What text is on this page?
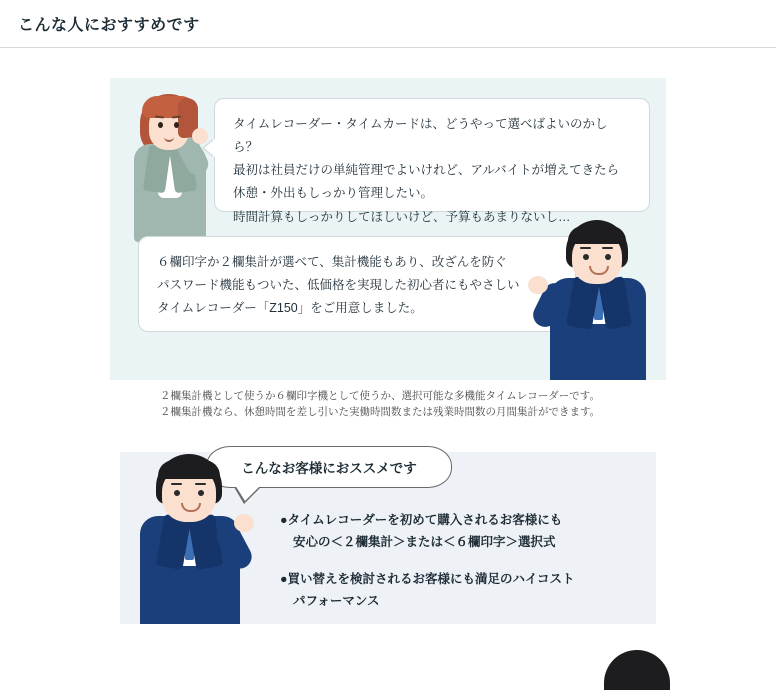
こんな人におすすめです

タイムレコーダー・タイムカードは、どうやって選べばよいのかしら？

最初は社員だけの単純管理でよいけれど、アルバイトが増えてきたら

休憩・外出もしっかり管理したい。

時間計算もしっかりしてほしいけど、予算もあまりないし…

６欄印字か２欄集計が選べて、集計機能もあり、改ざんを防ぐ

パスワード機能もついた、低価格を実現した初心者にもやさしい

タイムレコーダー「Z150」をご用意しました。

２欄集計機として使うか６欄印字機として使うか、選択可能な多機能タイムレコーダーです。

２欄集計機なら、休憩時間を差し引いた実働時間数または残業時間数の月間集計ができます。

こんなお客様におススメです
●タイムレコーダーを初めて購入されるお客様にも
安心の＜２欄集計＞または＜６欄印字＞選択式
●買い替えを検討されるお客様にも満足のハイコスト
パフォーマンス
